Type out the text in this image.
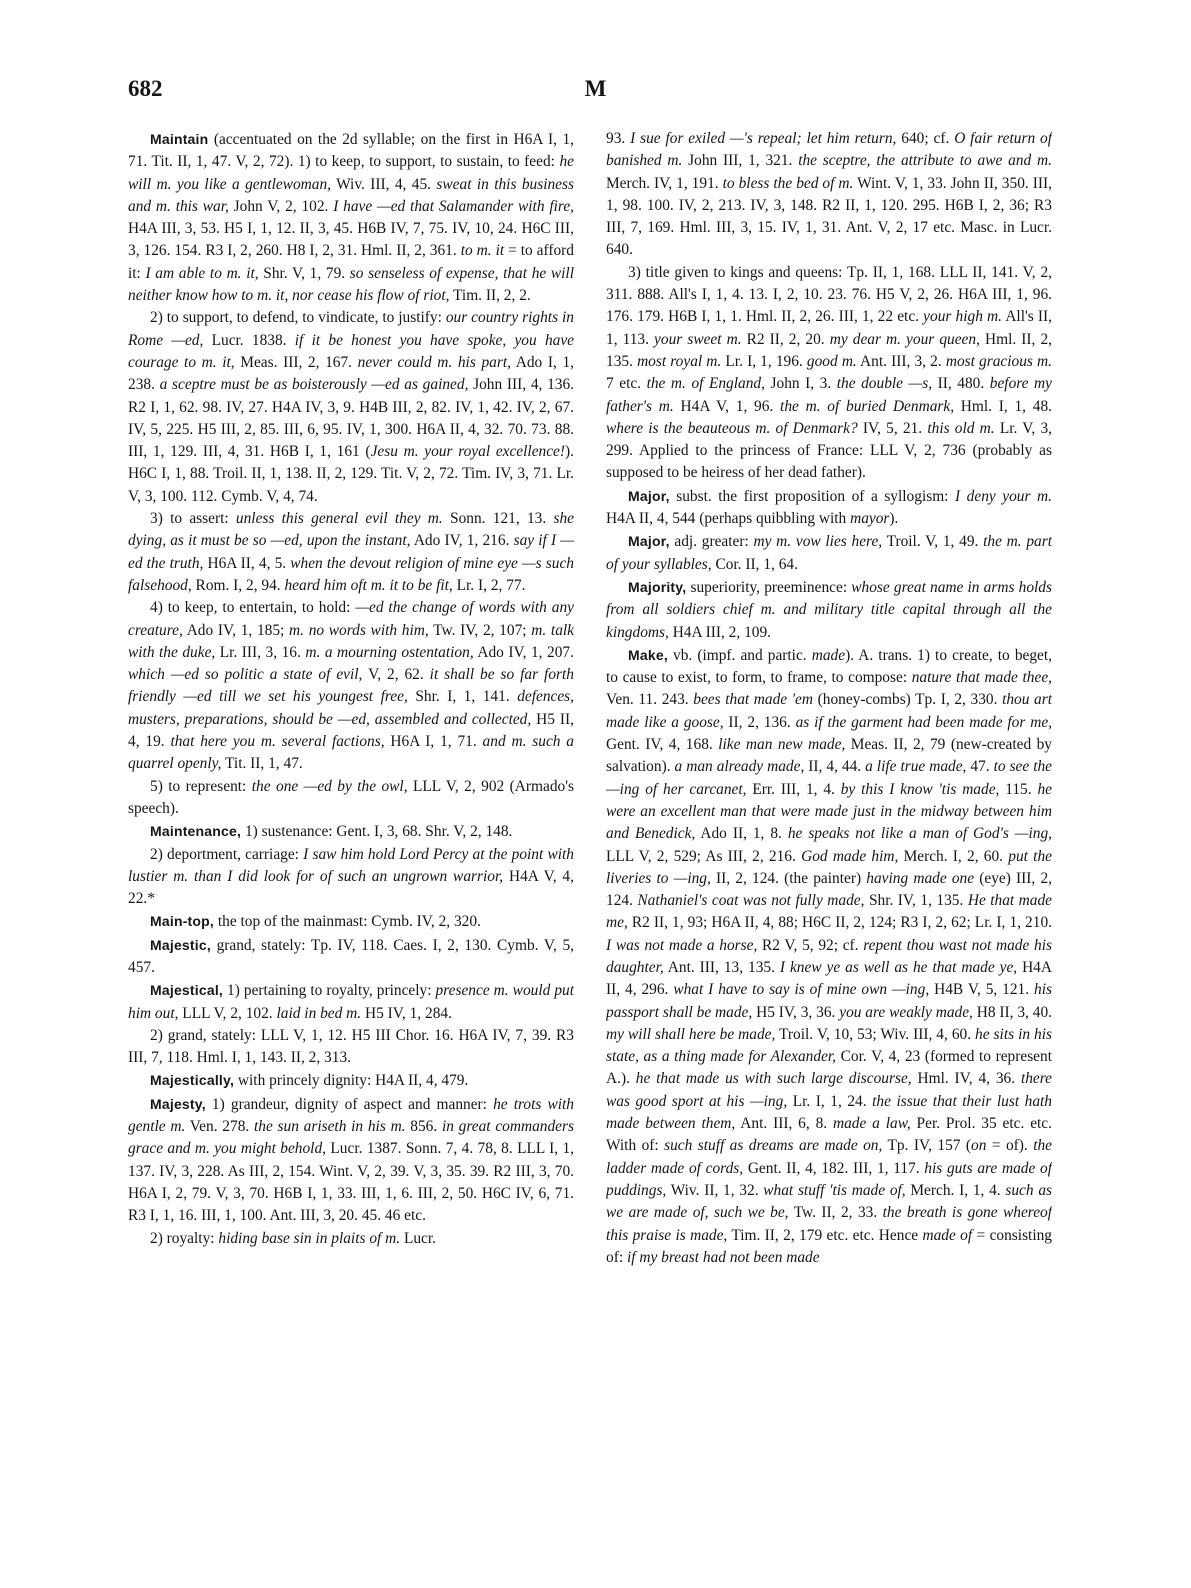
682	M

Maintain (accentuated on the 2d syllable; on the first in H6A I, 1, 71. Tit. II, 1, 47. V, 2, 72). 1) to keep, to support, to sustain, to feed: he will m. you like a gentlewoman, Wiv. III, 4, 45. sweat in this business and m. this war, John V, 2, 102. I have —ed that Salamander with fire, H4A III, 3, 53. H5 I, 1, 12. II, 3, 45. H6B IV, 7, 75. IV, 10, 24. H6C III, 3, 126. 154. R3 I, 2, 260. H8 I, 2, 31. Hml. II, 2, 361. to m. it = to afford it: I am able to m. it, Shr. V, 1, 79. so senseless of expense, that he will neither know how to m. it, nor cease his flow of riot, Tim. II, 2, 2.

2) to support, to defend, to vindicate, to justify: our country rights in Rome —ed, Lucr. 1838. if it be honest you have spoke, you have courage to m. it, Meas. III, 2, 167. never could m. his part, Ado I, 1, 238. a sceptre must be as boisterously —ed as gained, John III, 4, 136. R2 I, 1, 62. 98. IV, 27. H4A IV, 3, 9. H4B III, 2, 82. IV, 1, 42. IV, 2, 67. IV, 5, 225. H5 III, 2, 85. III, 6, 95. IV, 1, 300. H6A II, 4, 32. 70. 73. 88. III, 1, 129. III, 4, 31. H6B I, 1, 161 (Jesu m. your royal excellence!). H6C I, 1, 88. Troil. II, 1, 138. II, 2, 129. Tit. V, 2, 72. Tim. IV, 3, 71. Lr. V, 3, 100. 112. Cymb. V, 4, 74.

3) to assert: unless this general evil they m. Sonn. 121, 13. she dying, as it must be so —ed, upon the instant, Ado IV, 1, 216. say if I —ed the truth, H6A II, 4, 5. when the devout religion of mine eye —s such falsehood, Rom. I, 2, 94. heard him oft m. it to be fit, Lr. I, 2, 77.

4) to keep, to entertain, to hold: —ed the change of words with any creature, Ado IV, 1, 185; m. no words with him, Tw. IV, 2, 107; m. talk with the duke, Lr. III, 3, 16. m. a mourning ostentation, Ado IV, 1, 207. which —ed so politic a state of evil, V, 2, 62. it shall be so far forth friendly —ed till we set his youngest free, Shr. I, 1, 141. defences, musters, preparations, should be —ed, assembled and collected, H5 II, 4, 19. that here you m. several factions, H6A I, 1, 71. and m. such a quarrel openly, Tit. II, 1, 47.

5) to represent: the one —ed by the owl, LLL V, 2, 902 (Armado's speech).

Maintenance, 1) sustenance: Gent. I, 3, 68. Shr. V, 2, 148.

2) deportment, carriage: I saw him hold Lord Percy at the point with lustier m. than I did look for of such an ungrown warrior, H4A V, 4, 22.*

Main-top, the top of the mainmast: Cymb. IV, 2, 320.

Majestic, grand, stately: Tp. IV, 118. Caes. I, 2, 130. Cymb. V, 5, 457.

Majestical, 1) pertaining to royalty, princely: presence m. would put him out, LLL V, 2, 102. laid in bed m. H5 IV, 1, 284.

2) grand, stately: LLL V, 1, 12. H5 III Chor. 16. H6A IV, 7, 39. R3 III, 7, 118. Hml. I, 1, 143. II, 2, 313.

Majestically, with princely dignity: H4A II, 4, 479.

Majesty, 1) grandeur, dignity of aspect and manner: he trots with gentle m. Ven. 278. the sun ariseth in his m. 856. in great commanders grace and m. you might behold, Lucr. 1387. Sonn. 7, 4. 78, 8. LLL I, 1, 137. IV, 3, 228. As III, 2, 154. Wint. V, 2, 39. V, 3, 35. 39. R2 III, 3, 70. H6A I, 2, 79. V, 3, 70. H6B I, 1, 33. III, 1, 6. III, 2, 50. H6C IV, 6, 71. R3 I, 1, 16. III, 1, 100. Ant. III, 3, 20. 45. 46 etc.

2) royalty: hiding base sin in plaits of m. Lucr.

93. I sue for exiled —'s repeal; let him return, 640; cf. O fair return of banished m. John III, 1, 321. the sceptre, the attribute to awe and m. Merch. IV, 1, 191. to bless the bed of m. Wint. V, 1, 33. John II, 350. III, 1, 98. 100. IV, 2, 213. IV, 3, 148. R2 II, 1, 120. 295. H6B I, 2, 36; R3 III, 7, 169. Hml. III, 3, 15. IV, 1, 31. Ant. V, 2, 17 etc. Masc. in Lucr. 640.

3) title given to kings and queens: Tp. II, 1, 168. LLL II, 141. V, 2, 311. 888. All's I, 1, 4. 13. I, 2, 10. 23. 76. H5 V, 2, 26. H6A III, 1, 96. 176. 179. H6B I, 1, 1. Hml. II, 2, 26. III, 1, 22 etc. your high m. All's II, 1, 113. your sweet m. R2 II, 2, 20. my dear m. your queen, Hml. II, 2, 135. most royal m. Lr. I, 1, 196. good m. Ant. III, 3, 2. most gracious m. 7 etc. the m. of England, John I, 3. the double —s, II, 480. before my father's m. H4A V, 1, 96. the m. of buried Denmark, Hml. I, 1, 48. where is the beauteous m. of Denmark? IV, 5, 21. this old m. Lr. V, 3, 299. Applied to the princess of France: LLL V, 2, 736 (probably as supposed to be heiress of her dead father).

Major, subst. the first proposition of a syllogism: I deny your m. H4A II, 4, 544 (perhaps quibbling with mayor).

Major, adj. greater: my m. vow lies here, Troil. V, 1, 49. the m. part of your syllables, Cor. II, 1, 64.

Majority, superiority, preeminence: whose great name in arms holds from all soldiers chief m. and military title capital through all the kingdoms, H4A III, 2, 109.

Make, vb. (impf. and partic. made). A. trans. 1) to create, to beget, to cause to exist, to form, to frame, to compose: nature that made thee, Ven. 11. 243. bees that made 'em (honey-combs) Tp. I, 2, 330. thou art made like a goose, II, 2, 136. as if the garment had been made for me, Gent. IV, 4, 168. like man new made, Meas. II, 2, 79 (new-created by salvation). a man already made, II, 4, 44. a life true made, 47. to see the —ing of her carcanet, Err. III, 1, 4. by this I know 'tis made, 115. he were an excellent man that were made just in the midway between him and Benedick, Ado II, 1, 8. he speaks not like a man of God's —ing, LLL V, 2, 529; As III, 2, 216. God made him, Merch. I, 2, 60. put the liveries to —ing, II, 2, 124. (the painter) having made one (eye) III, 2, 124. Nathaniel's coat was not fully made, Shr. IV, 1, 135. He that made me, R2 II, 1, 93; H6A II, 4, 88; H6C II, 2, 124; R3 I, 2, 62; Lr. I, 1, 210. I was not made a horse, R2 V, 5, 92; cf. repent thou wast not made his daughter, Ant. III, 13, 135. I knew ye as well as he that made ye, H4A II, 4, 296. what I have to say is of mine own —ing, H4B V, 5, 121. his passport shall be made, H5 IV, 3, 36. you are weakly made, H8 II, 3, 40. my will shall here be made, Troil. V, 10, 53; Wiv. III, 4, 60. he sits in his state, as a thing made for Alexander, Cor. V, 4, 23 (formed to represent A.). he that made us with such large discourse, Hml. IV, 4, 36. there was good sport at his —ing, Lr. I, 1, 24. the issue that their lust hath made between them, Ant. III, 6, 8. made a law, Per. Prol. 35 etc. etc. With of: such stuff as dreams are made on, Tp. IV, 157 (on = of). the ladder made of cords, Gent. II, 4, 182. III, 1, 117. his guts are made of puddings, Wiv. II, 1, 32. what stuff 'tis made of, Merch. I, 1, 4. such as we are made of, such we be, Tw. II, 2, 33. the breath is gone whereof this praise is made, Tim. II, 2, 179 etc. etc. Hence made of = consisting of: if my breast had not been made
